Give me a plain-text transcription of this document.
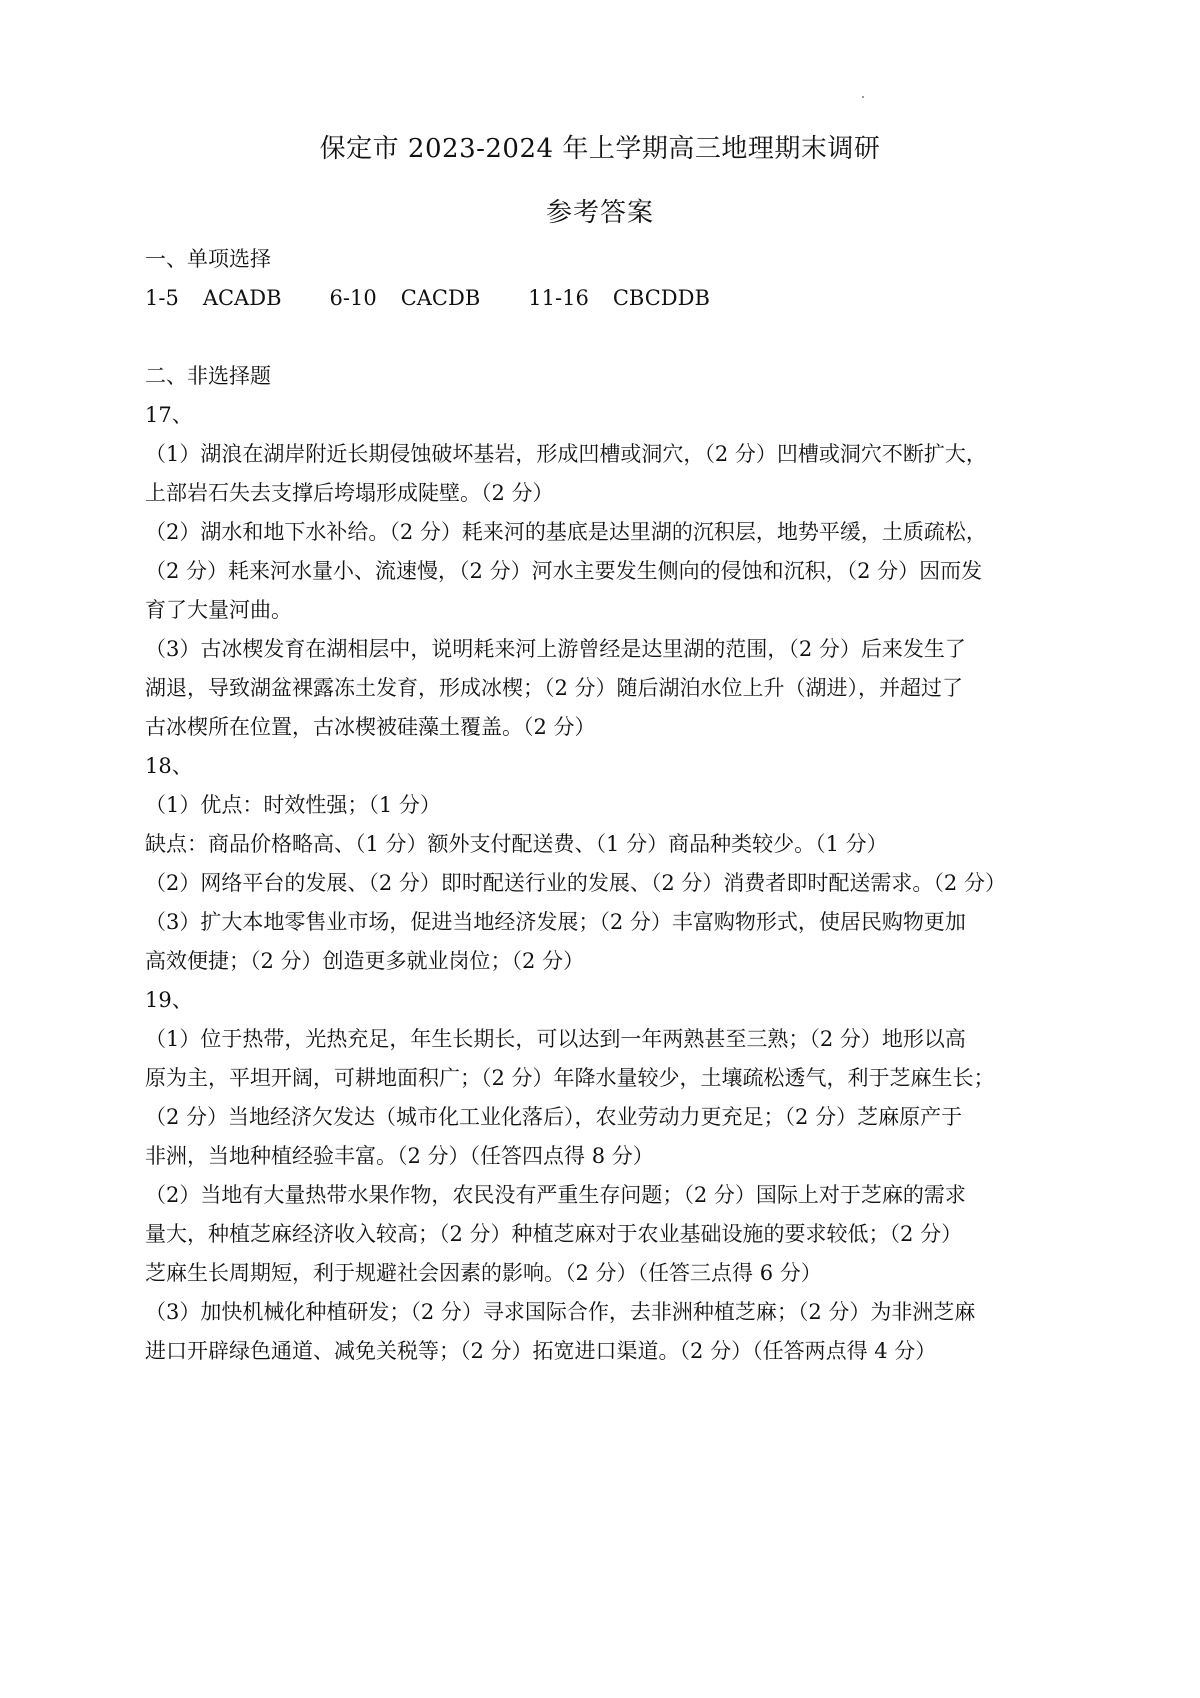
保定市 2023-2024 年上学期高三地理期末调研
参考答案
一、单项选择
1-5 ACADB 6-10 CACDB 11-16 CBCDDB
二、非选择题
17、
（1）湖浪在湖岸附近长期侵蚀破坏基岩，形成凹槽或洞穴，（2 分）凹槽或洞穴不断扩大，
上部岩石失去支撑后垮塌形成陡壁。（2 分）
（2）湖水和地下水补给。（2 分）耗来河的基底是达里湖的沉积层，地势平缓，土质疏松，
（2 分）耗来河水量小、流速慢，（2 分）河水主要发生侧向的侵蚀和沉积，（2 分）因而发
育了大量河曲。
（3）古冰楔发育在湖相层中，说明耗来河上游曾经是达里湖的范围，（2 分）后来发生了
湖退，导致湖盆裸露冻土发育，形成冰楔；（2 分）随后湖泊水位上升（湖进），并超过了
古冰楔所在位置，古冰楔被硅藻土覆盖。（2 分）
18、
（1）优点：时效性强；（1 分）
缺点：商品价格略高、（1 分）额外支付配送费、（1 分）商品种类较少。（1 分）
（2）网络平台的发展、（2 分）即时配送行业的发展、（2 分）消费者即时配送需求。（2 分）
（3）扩大本地零售业市场，促进当地经济发展；（2 分）丰富购物形式，使居民购物更加
高效便捷；（2 分）创造更多就业岗位；（2 分）
19、
（1）位于热带，光热充足，年生长期长，可以达到一年两熟甚至三熟；（2 分）地形以高
原为主，平坦开阔，可耕地面积广；（2 分）年降水量较少，土壤疏松透气，利于芝麻生长；
（2 分）当地经济欠发达（城市化工业化落后），农业劳动力更充足；（2 分）芝麻原产于
非洲，当地种植经验丰富。（2 分）（任答四点得 8 分）
（2）当地有大量热带水果作物，农民没有严重生存问题；（2 分）国际上对于芝麻的需求
量大，种植芝麻经济收入较高；（2 分）种植芝麻对于农业基础设施的要求较低；（2 分）
芝麻生长周期短，利于规避社会因素的影响。（2 分）（任答三点得 6 分）
（3）加快机械化种植研发；（2 分）寻求国际合作，去非洲种植芝麻；（2 分）为非洲芝麻
进口开辟绿色通道、减免关税等；（2 分）拓宽进口渠道。（2 分）（任答两点得 4 分）
